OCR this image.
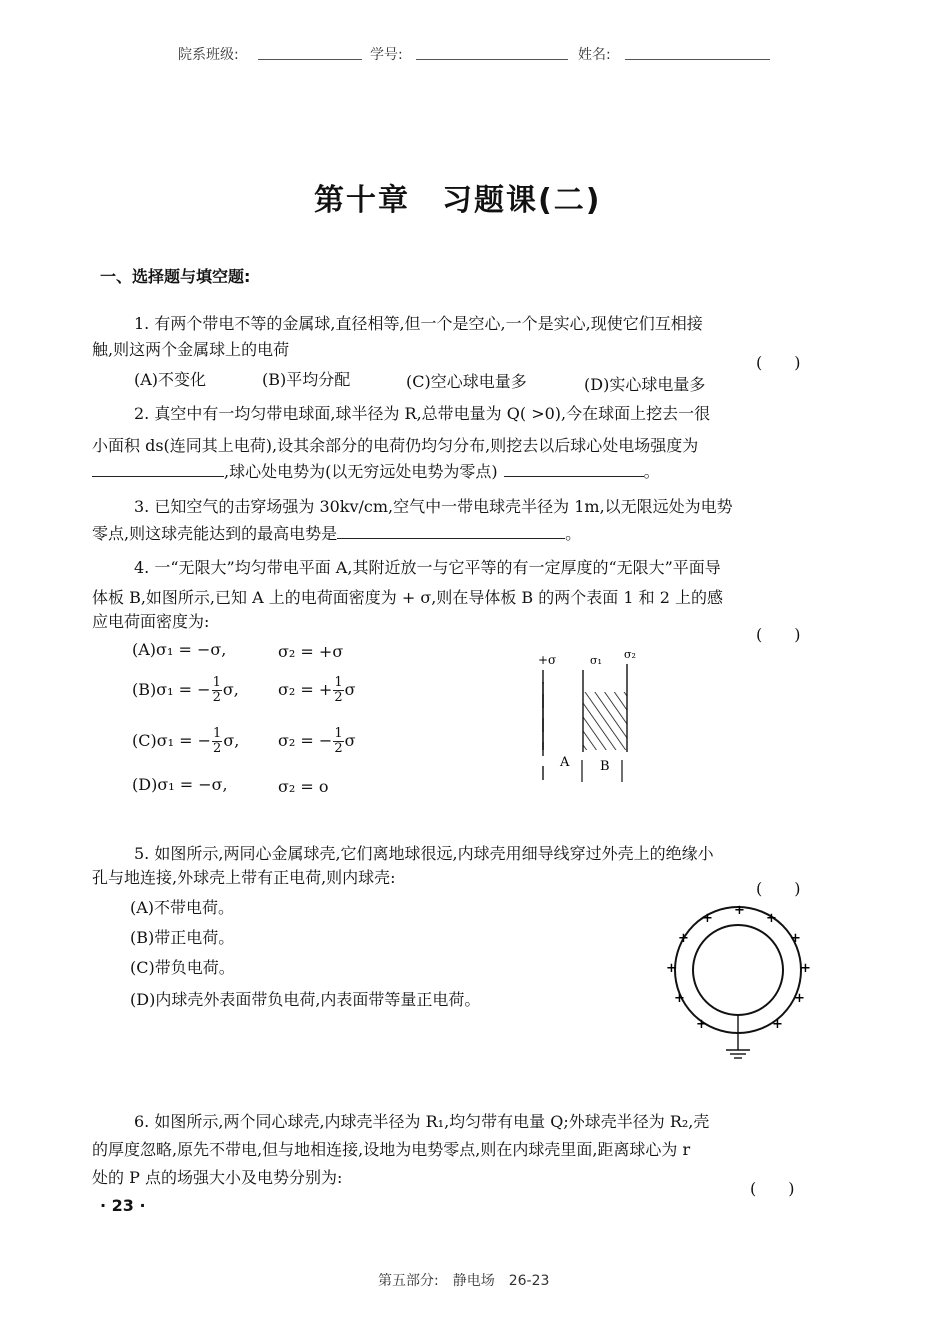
院系班级:	学号:	姓名:
第十章　习题课(二)
一、选择题与填空题:
1. 有两个带电不等的金属球,直径相等,但一个是空心,一个是实心,现使它们互相接
触,则这两个金属球上的电荷
(　　)
(A)不变化	(B)平均分配	(C)空心球电量多	(D)实心球电量多
2. 真空中有一均匀带电球面,球半径为 R,总带电量为 Q( >0),今在球面上挖去一很
小面积 ds(连同其上电荷),设其余部分的电荷仍均匀分布,则挖去以后球心处电场强度为
,球心处电势为(以无穷远处电势为零点)	。
3. 已知空气的击穿场强为 30kv/cm,空气中一带电球壳半径为 1m,以无限远处为电势
零点,则这球壳能达到的最高电势是	。
4. 一“无限大”均匀带电平面 A,其附近放一与它平等的有一定厚度的“无限大”平面导
体板 B,如图所示,已知 A 上的电荷面密度为 + σ,则在导体板 B 的两个表面 1 和 2 上的感
应电荷面密度为:
(　　)
(A)σ₁ = −σ,	σ₂ = +σ
(B)σ₁ = − $\frac{1}{2} \sigma$, σ₂ = + $\frac{1}{2}$ σ
(C)σ₁ = − $\frac{1}{2} \sigma$, σ₂ = − $\frac{1}{2}$ σ
(D)σ₁ = −σ,	σ₂ = o
+σ	σ₁ σ₂
A B
5. 如图所示,两同心金属球壳,它们离地球很远,内球壳用细导线穿过外壳上的绝缘小
孔与地连接,外球壳上带有正电荷,则内球壳:
(　　)
(A)不带电荷。
(B)带正电荷。
(C)带负电荷。
(D)内球壳外表面带负电荷,内表面带等量正电荷。
+
+	+
+	+
+	+
+	+
+	+
6. 如图所示,两个同心球壳,内球壳半径为 R₁,均匀带有电量 Q;外球壳半径为 R₂,壳
的厚度忽略,原先不带电,但与地相连接,设地为电势零点,则在内球壳里面,距离球心为 r
处的 P 点的场强大小及电势分别为:
(　　)
· 23 ·
第五部分:　静电场　26-23
